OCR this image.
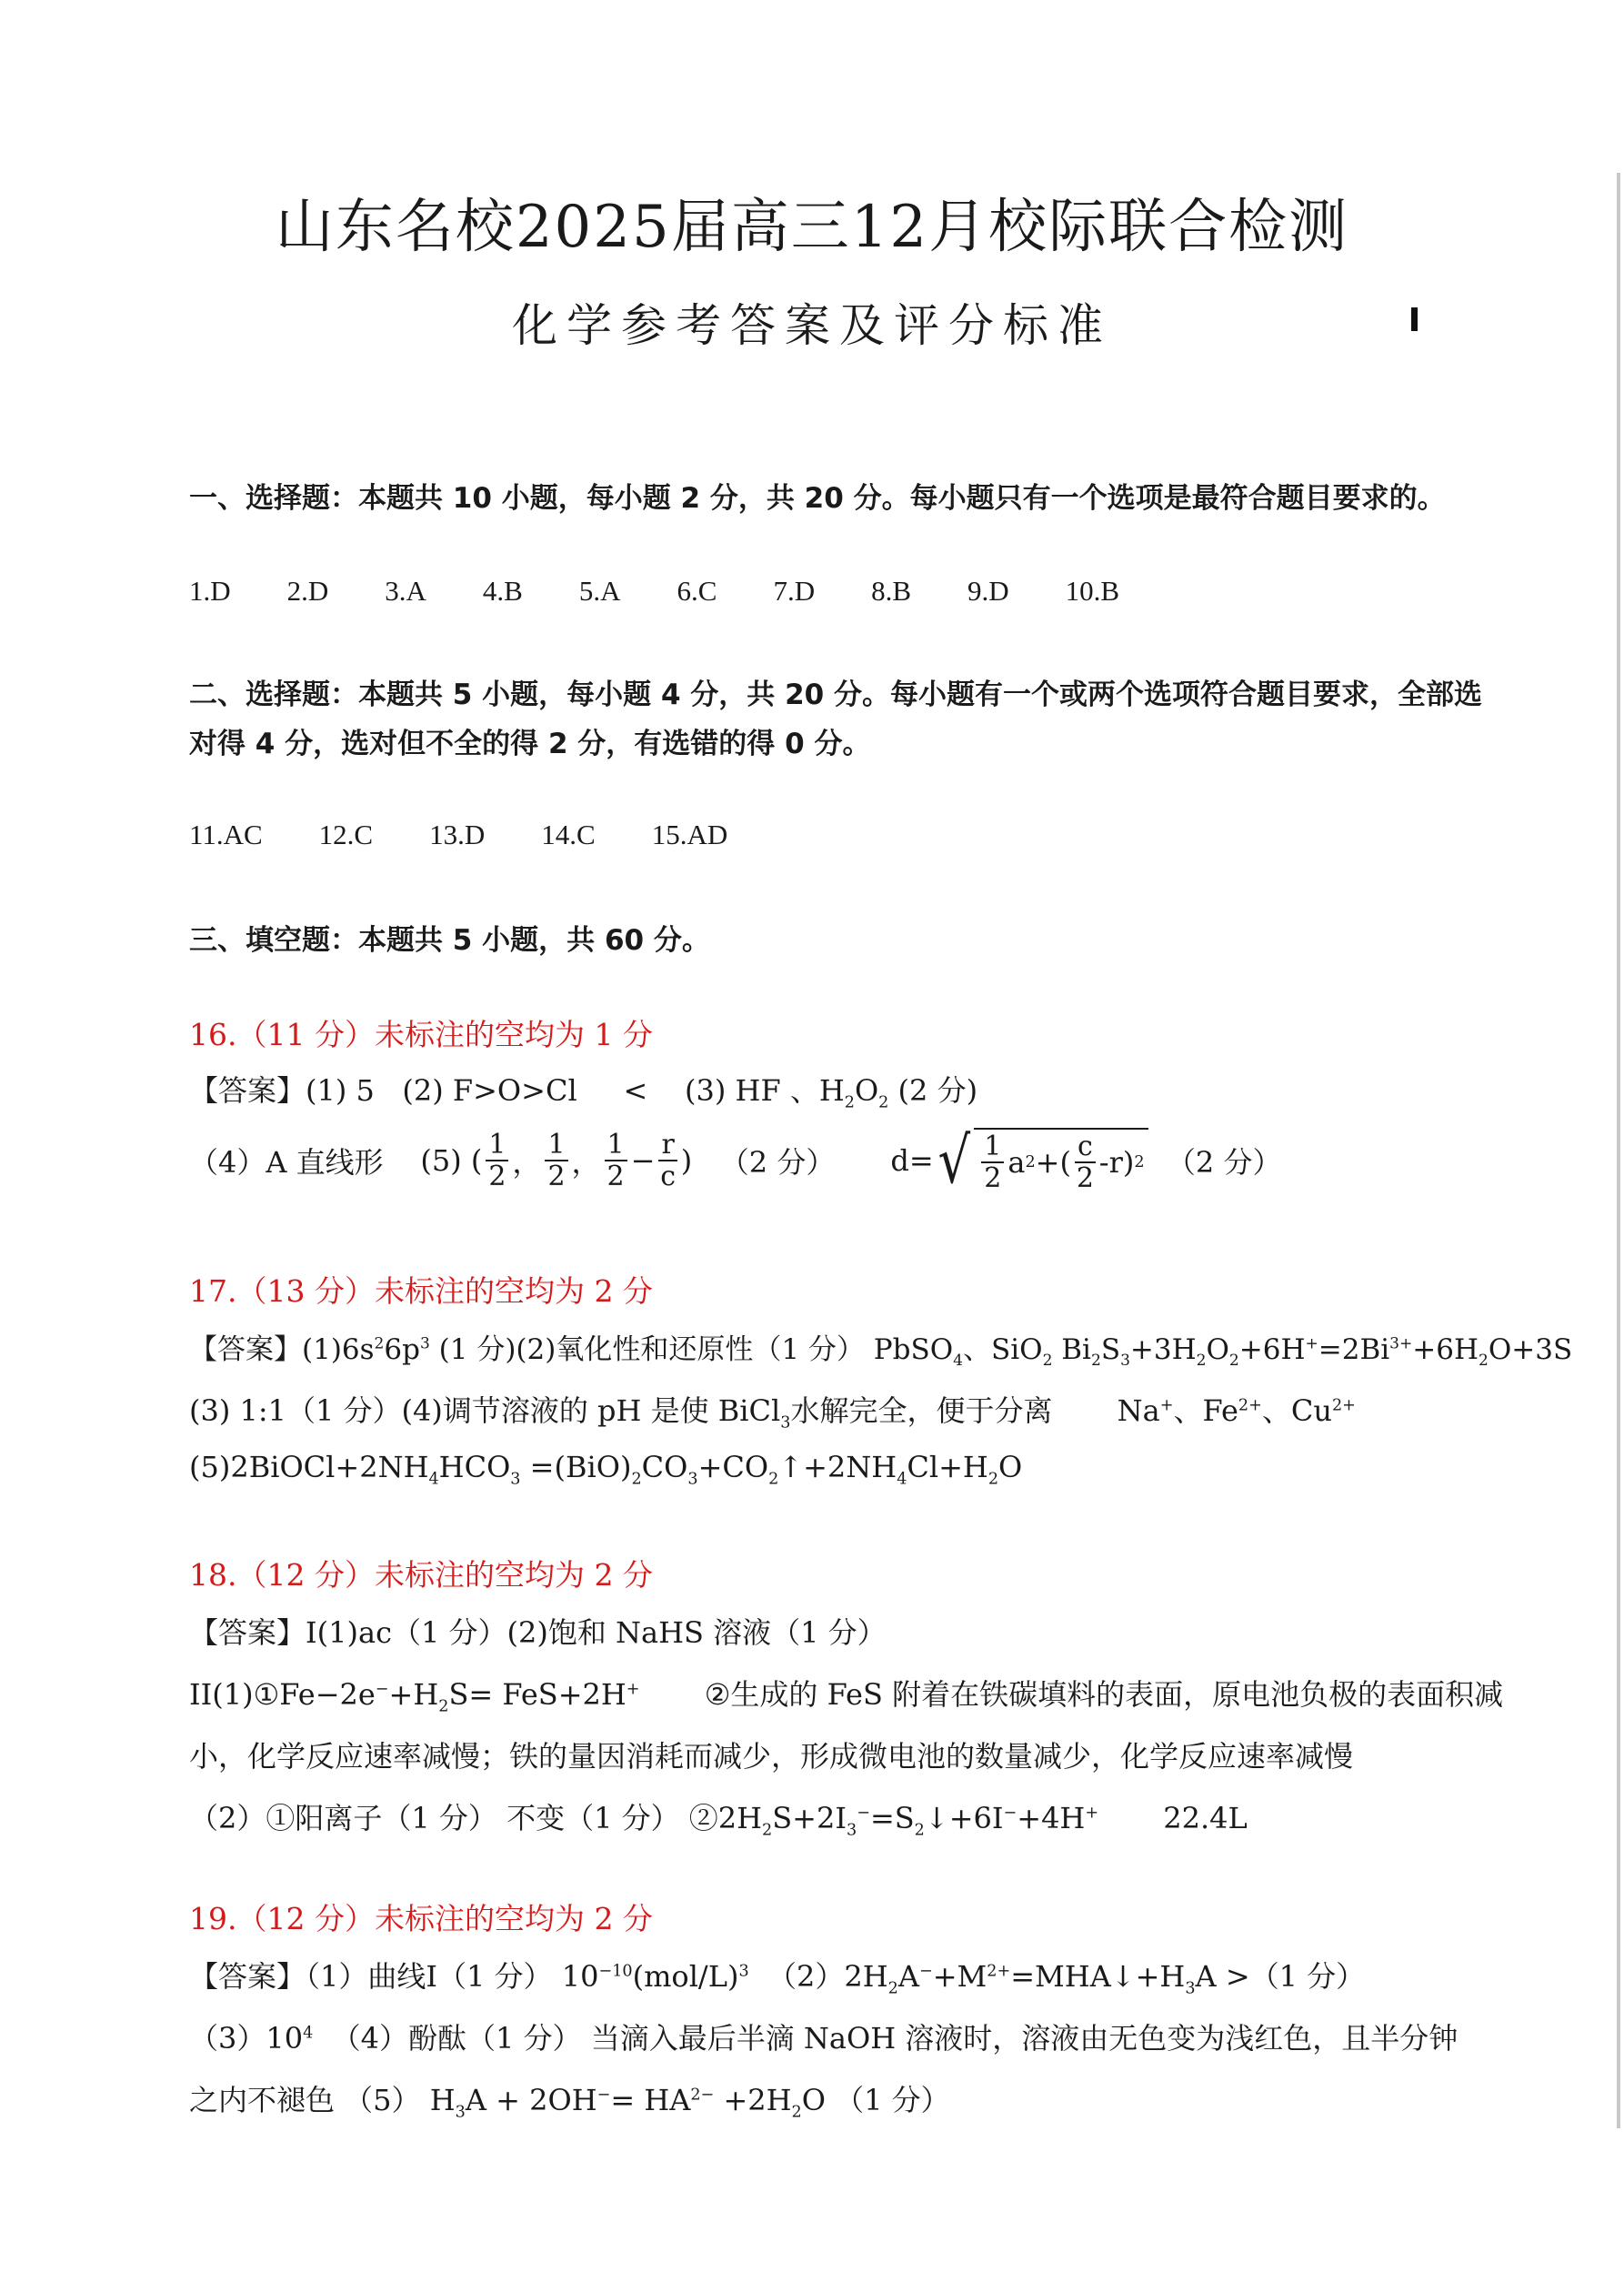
山东名校2025届高三12月校际联合检测
化学参考答案及评分标准
一、选择题：本题共 10 小题，每小题 2 分，共 20 分。每小题只有一个选项是最符合题目要求的。
1.D 2.D 3.A 4.B 5.A 6.C 7.D 8.B 9.D 10.B
二、选择题：本题共 5 小题，每小题 4 分，共 20 分。每小题有一个或两个选项符合题目要求，全部选
对得 4 分，选对但不全的得 2 分，有选错的得 0 分。
11.AC 12.C 13.D 14.C 15.AD
三、填空题：本题共 5 小题，共 60 分。
16.（11 分）未标注的空均为 1 分
【答案】(1) 5 (2) F>O>Cl < (3) HF 、$H_2O_2$ (2 分)
（4）A 直线形
(5) ( $\frac{1}{2}$ ， $\frac{1}{2}$ ， $\frac{1}{2} - \frac{r}{c}$ )
（2 分）
d= √ $\frac{1}{2}$ a 2 +( $\frac{c}{2} -r$) 2
（2 分）
17.（13 分）未标注的空均为 2 分
【答案】$(1)6s^26p^3$ (1 分)(2)氧化性和还原性（1 分） PbSO$_4$、SiO$_2$ $Bi_2S_3+3H_2O_2+6H^+=2Bi^{3+}+6H_2O+3S$
(3) 1:1（1 分）(4)调节溶液的 pH 是使 BiCl$_3$水解完全，便于分离 Na+、$Fe^{2+}$、$Cu^{2+}$
$(5)2BiOCl+2NH_4HCO_3$ $=(BiO)_2CO_3+CO_2↑+2NH_4Cl+H_2O$
18.（12 分）未标注的空均为 2 分
【答案】Ⅰ(1)ac（1 分）(2)饱和 NaHS 溶液（1 分）
$II(1)①Fe-2e^-+H_2S= FeS+2H^+$ ②生成的 FeS 附着在铁碳填料的表面，原电池负极的表面积减
小，化学反应速率减慢；铁的量因消耗而减少，形成微电池的数量减少，化学反应速率减慢
（2）①阳离子（1 分） 不变（1 分） $②2H_2S+2I_3^-=S_2↓+6I^-+4H^+$ 22.4L
19.（12 分）未标注的空均为 2 分
【答案】（1）曲线Ⅰ（1 分） $10^{-10}(mol/L)^3$ $(2)2H_2A^-+M^{2+}=MHA↓+H_3A >(1$ 分）
$(3)10^4$ （4）酚酞（1 分） 当滴入最后半滴 NaOH 溶液时，溶液由无色变为浅红色，且半分钟
之内不褪色 （5） $H_3A + 2OH^-= HA^{2-} +2H_2O$ （1 分）
